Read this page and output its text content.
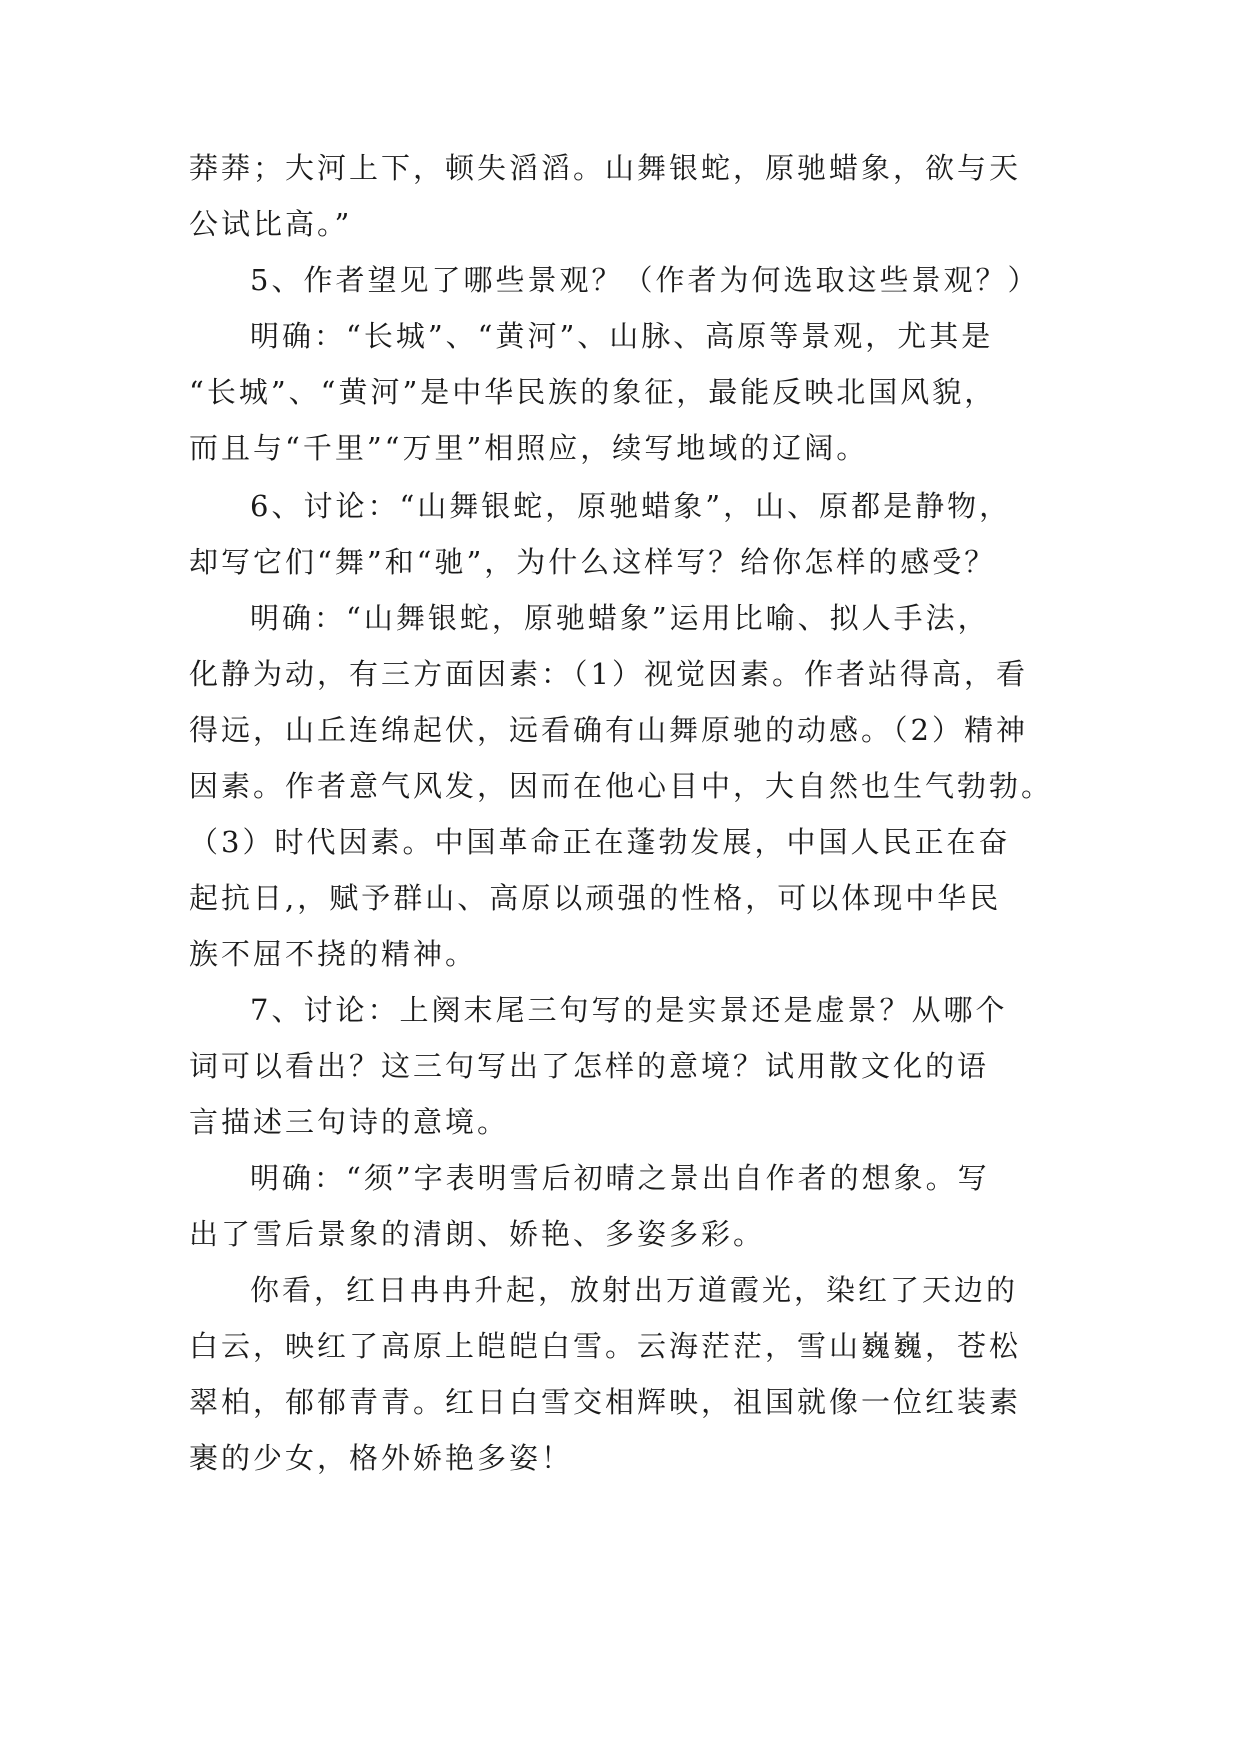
莽莽；大河上下，顿失滔滔。山舞银蛇，原驰蜡象，欲与天
公试比高。”
5、作者望见了哪些景观？（作者为何选取这些景观？）
明确：“长城”、“黄河”、山脉、高原等景观，尤其是
“长城”、“黄河”是中华民族的象征，最能反映北国风貌，
而且与“千里”“万里”相照应，续写地域的辽阔。
6、讨论：“山舞银蛇，原驰蜡象”，山、原都是静物，
却写它们“舞”和“驰”，为什么这样写？给你怎样的感受？
明确：“山舞银蛇，原驰蜡象”运用比喻、拟人手法，
化静为动，有三方面因素：（1）视觉因素。作者站得高，看
得远，山丘连绵起伏，远看确有山舞原驰的动感。（2）精神
因素。作者意气风发，因而在他心目中，大自然也生气勃勃。
（3）时代因素。中国革命正在蓬勃发展，中国人民正在奋
起抗日,，赋予群山、高原以顽强的性格，可以体现中华民
族不屈不挠的精神。
7、讨论：上阕末尾三句写的是实景还是虚景？从哪个
词可以看出？这三句写出了怎样的意境？试用散文化的语
言描述三句诗的意境。
明确：“须”字表明雪后初晴之景出自作者的想象。写
出了雪后景象的清朗、娇艳、多姿多彩。
你看，红日冉冉升起，放射出万道霞光，染红了天边的
白云，映红了高原上皑皑白雪。云海茫茫，雪山巍巍，苍松
翠柏，郁郁青青。红日白雪交相辉映，祖国就像一位红装素
裹的少女，格外娇艳多姿！
